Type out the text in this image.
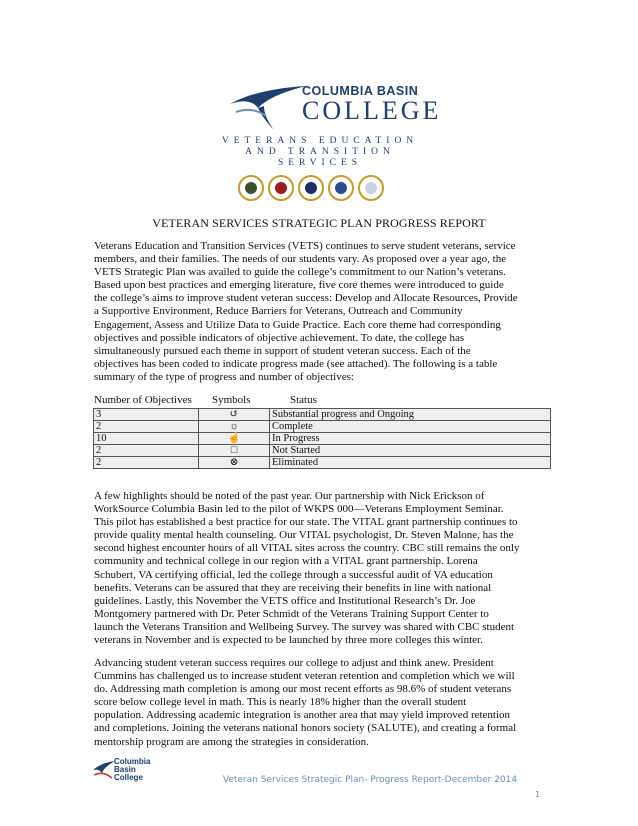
COLUMBIA BASIN
COLLEGE
VETERANS EDUCATION
AND TRANSITION
SERVICES
VETERAN SERVICES STRATEGIC PLAN PROGRESS REPORT
Veterans Education and Transition Services (VETS) continues to serve student veterans, service
members, and their families. The needs of our students vary. As proposed over a year ago, the
VETS Strategic Plan was availed to guide the college’s commitment to our Nation’s veterans.
Based upon best practices and emerging literature, five core themes were introduced to guide
the college’s aims to improve student veteran success: Develop and Allocate Resources, Provide
a Supportive Environment, Reduce Barriers for Veterans, Outreach and Community
Engagement, Assess and Utilize Data to Guide Practice. Each core theme had corresponding
objectives and possible indicators of objective achievement. To date, the college has
simultaneously pursued each theme in support of student veteran success. Each of the
objectives has been coded to indicate progress made (see attached). The following is a table
summary of the type of progress and number of objectives:
Number of Objectives Symbols	Status
3	↺	Substantial progress and Ongoing
2	☼	Complete
10	☝	In Progress
2	□	Not Started
2	⊗	Eliminated
A few highlights should be noted of the past year. Our partnership with Nick Erickson of
WorkSource Columbia Basin led to the pilot of WKPS 000—Veterans Employment Seminar.
This pilot has established a best practice for our state. The VITAL grant partnership continues to
provide quality mental health counseling. Our VITAL psychologist, Dr. Steven Malone, has the
second highest encounter hours of all VITAL sites across the country. CBC still remains the only
community and technical college in our region with a VITAL grant partnership. Lorena
Schubert, VA certifying official, led the college through a successful audit of VA education
benefits. Veterans can be assured that they are receiving their benefits in line with national
guidelines. Lastly, this November the VETS office and Institutional Research’s Dr. Joe
Montgomery partnered with Dr. Peter Schmidt of the Veterans Training Support Center to
launch the Veterans Transition and Wellbeing Survey. The survey was shared with CBC student
veterans in November and is expected to be launched by three more colleges this winter.
Advancing student veteran success requires our college to adjust and think anew. President
Cummins has challenged us to increase student veteran retention and completion which we will
do. Addressing math completion is among our most recent efforts as 98.6% of student veterans
score below college level in math. This is nearly 18% higher than the overall student
population. Addressing academic integration is another area that may yield improved retention
and completions. Joining the veterans national honors society (SALUTE), and creating a formal
mentorship program are among the strategies in consideration.
Columbia
Basin
College	Veteran Services Strategic Plan- Progress Report-December 2014
1
